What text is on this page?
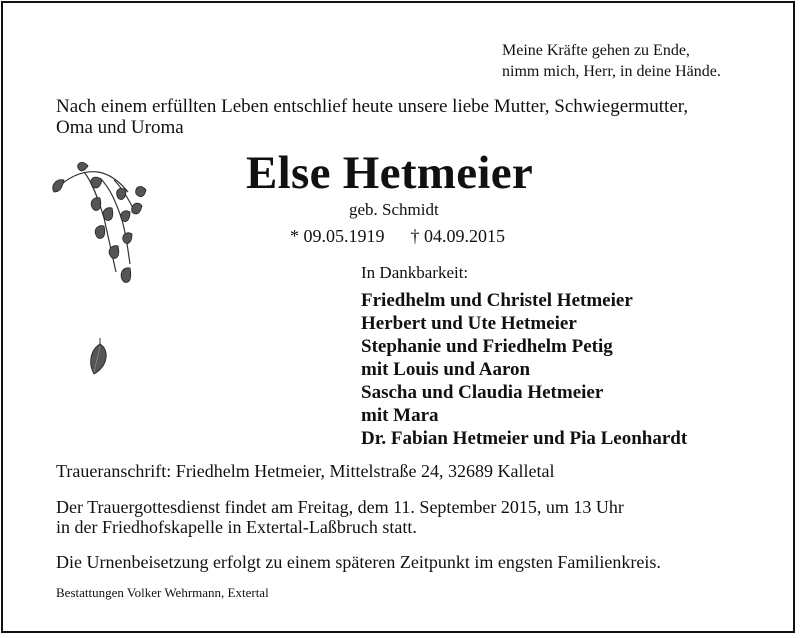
Meine Kräfte gehen zu Ende,
nimm mich, Herr, in deine Hände.
Nach einem erfüllten Leben entschlief heute unsere liebe Mutter, Schwiegermutter,
Oma und Uroma
Else Hetmeier
geb. Schmidt
* 09.05.1919 † 04.09.2015
In Dankbarkeit:
Friedhelm und Christel Hetmeier
Herbert und Ute Hetmeier
Stephanie und Friedhelm Petig
mit Louis und Aaron
Sascha und Claudia Hetmeier
mit Mara
Dr. Fabian Hetmeier und Pia Leonhardt
Traueranschrift: Friedhelm Hetmeier, Mittelstraße 24, 32689 Kalletal
Der Trauergottesdienst findet am Freitag, dem 11. September 2015, um 13 Uhr
in der Friedhofskapelle in Extertal-Laßbruch statt.
Die Urnenbeisetzung erfolgt zu einem späteren Zeitpunkt im engsten Familienkreis.
Bestattungen Volker Wehrmann, Extertal
